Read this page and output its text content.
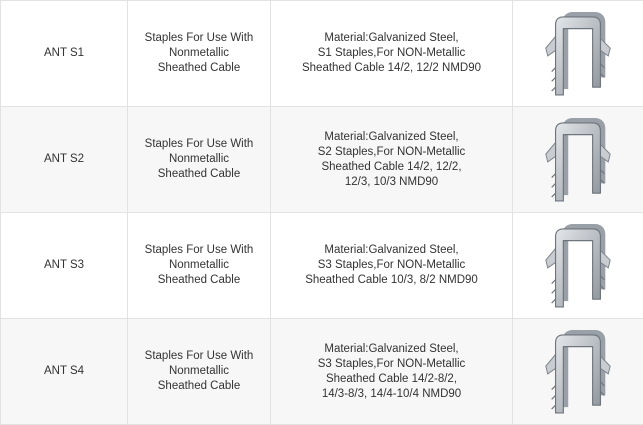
ANT S1	Staples For Use With
Nonmetallic
Sheathed Cable	Material:Galvanized Steel,
S1 Staples,For NON-Metallic
Sheathed Cable 14/2, 12/2 NMD90

ANT S2	Staples For Use With
Nonmetallic
Sheathed Cable	Material:Galvanized Steel,
S2 Staples,For NON-Metallic
Sheathed Cable 14/2, 12/2,
12/3, 10/3 NMD90

ANT S3	Staples For Use With
Nonmetallic
Sheathed Cable	Material:Galvanized Steel,
S3 Staples,For NON-Metallic
Sheathed Cable 10/3, 8/2 NMD90

ANT S4	Staples For Use With
Nonmetallic
Sheathed Cable	Material:Galvanized Steel,
S3 Staples,For NON-Metallic
Sheathed Cable 14/2-8/2,
14/3-8/3, 14/4-10/4 NMD90
